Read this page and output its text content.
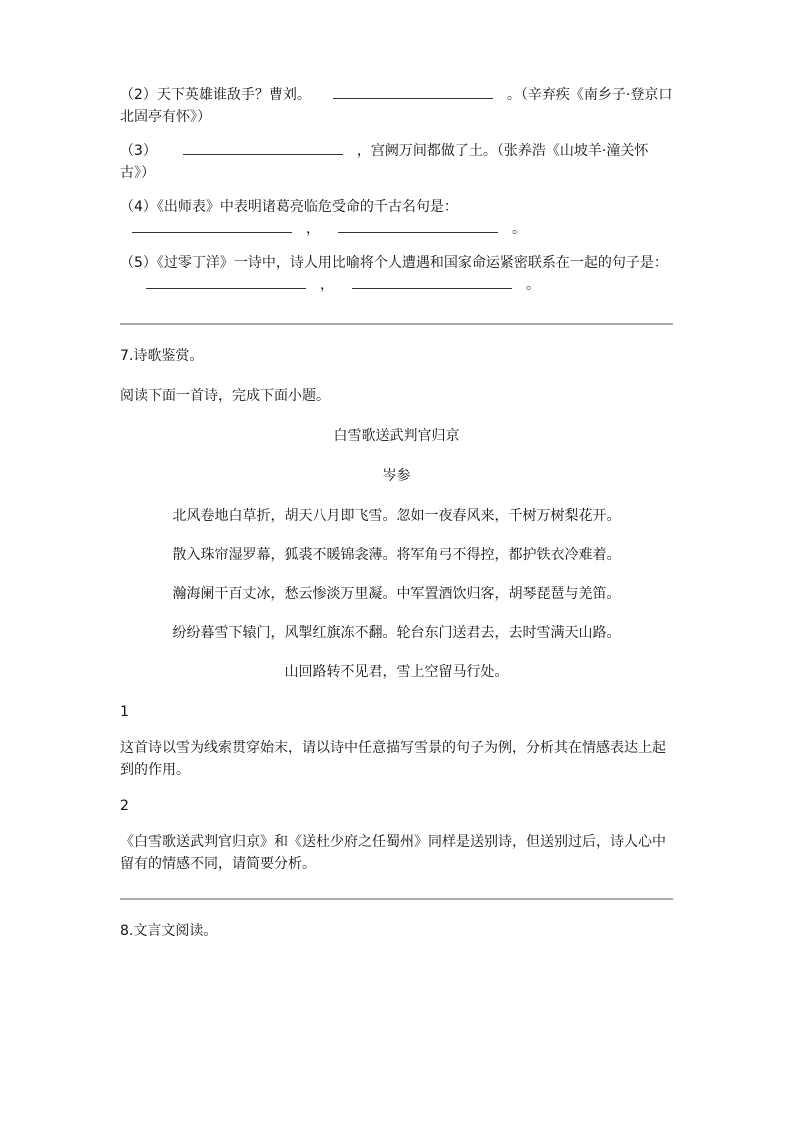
（2）天下英雄谁敌手？曹刘。	。（辛弃疾《南乡子·登京口北固亭有怀》）

（3）	，宫阙万间都做了土。（张养浩《山坡羊·潼关怀古》）

（4）《出师表》中表明诸葛亮临危受命的千古名句是：

，	。

（5）《过零丁洋》一诗中，诗人用比喻将个人遭遇和国家命运紧密联系在一起的句子是：，	。

7.诗歌鉴赏。

阅读下面一首诗，完成下面小题。

白雪歌送武判官归京

岑参

北风卷地白草折，胡天八月即飞雪。忽如一夜春风来，千树万树梨花开。

散入珠帘湿罗幕，狐裘不暖锦衾薄。将军角弓不得控，都护铁衣冷难着。

瀚海阑干百丈冰，愁云惨淡万里凝。中军置酒饮归客，胡琴琵琶与羌笛。

纷纷暮雪下辕门，风掣红旗冻不翻。轮台东门送君去，去时雪满天山路。

山回路转不见君，雪上空留马行处。

1

这首诗以雪为线索贯穿始末，请以诗中任意描写雪景的句子为例，分析其在情感表达上起到的作用。

2

《白雪歌送武判官归京》和《送杜少府之任蜀州》同样是送别诗，但送别过后，诗人心中留有的情感不同，请简要分析。

8.文言文阅读。
